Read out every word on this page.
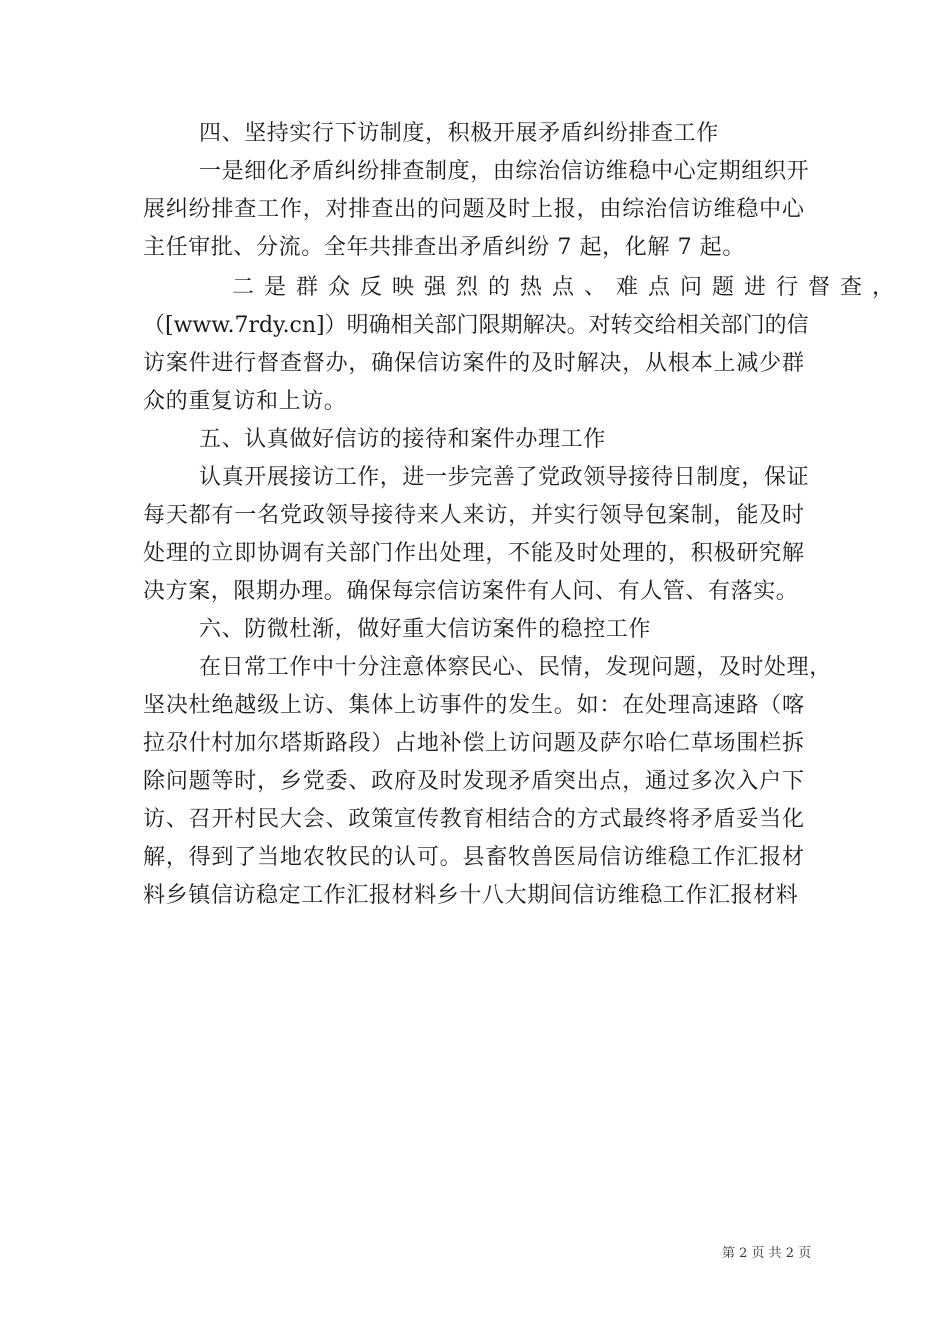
四、坚持实行下访制度，积极开展矛盾纠纷排查工作
一是细化矛盾纠纷排查制度，由综治信访维稳中心定期组织开
展纠纷排查工作，对排查出的问题及时上报，由综治信访维稳中心
主任审批、分流。全年共排查出矛盾纠纷 7 起，化解 7 起。
二是群众反映强烈的热点、难点问题进行督查，
（[www.7rdy.cn]）明确相关部门限期解决。对转交给相关部门的信
访案件进行督查督办，确保信访案件的及时解决，从根本上减少群
众的重复访和上访。
五、认真做好信访的接待和案件办理工作
认真开展接访工作，进一步完善了党政领导接待日制度，保证
每天都有一名党政领导接待来人来访，并实行领导包案制，能及时
处理的立即协调有关部门作出处理，不能及时处理的，积极研究解
决方案，限期办理。确保每宗信访案件有人问、有人管、有落实。
六、防微杜渐，做好重大信访案件的稳控工作
在日常工作中十分注意体察民心、民情，发现问题，及时处理，
坚决杜绝越级上访、集体上访事件的发生。如：在处理高速路（喀
拉尕什村加尔塔斯路段）占地补偿上访问题及萨尔哈仁草场围栏拆
除问题等时，乡党委、政府及时发现矛盾突出点，通过多次入户下
访、召开村民大会、政策宣传教育相结合的方式最终将矛盾妥当化
解，得到了当地农牧民的认可。县畜牧兽医局信访维稳工作汇报材
料乡镇信访稳定工作汇报材料乡十八大期间信访维稳工作汇报材料
第 2 页 共 2 页
